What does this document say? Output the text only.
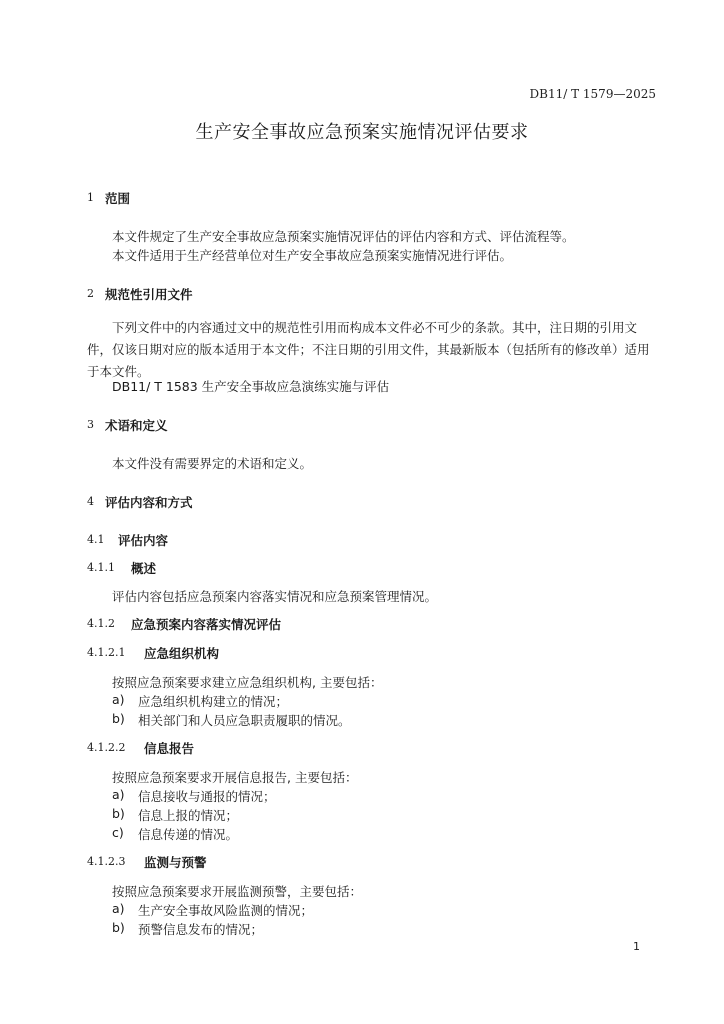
DB11/ T 1579—2025
生产安全事故应急预案实施情况评估要求
1 范围
本文件规定了生产安全事故应急预案实施情况评估的评估内容和方式、评估流程等。
本文件适用于生产经营单位对生产安全事故应急预案实施情况进行评估。
2 规范性引用文件
下列文件中的内容通过文中的规范性引用而构成本文件必不可少的条款。其中，注日期的引用文件，仅该日期对应的版本适用于本文件；不注日期的引用文件，其最新版本（包括所有的修改单）适用于本文件。
DB11/ T 1583 生产安全事故应急演练实施与评估
3 术语和定义
本文件没有需要界定的术语和定义。
4 评估内容和方式
4.1 评估内容
4.1.1 概述
评估内容包括应急预案内容落实情况和应急预案管理情况。
4.1.2 应急预案内容落实情况评估
4.1.2.1 应急组织机构
按照应急预案要求建立应急组织机构, 主要包括：
a) 应急组织机构建立的情况；
b) 相关部门和人员应急职责履职的情况。
4.1.2.2 信息报告
按照应急预案要求开展信息报告, 主要包括：
a) 信息接收与通报的情况；
b) 信息上报的情况；
c) 信息传递的情况。
4.1.2.3 监测与预警
按照应急预案要求开展监测预警，主要包括：
a) 生产安全事故风险监测的情况；
b) 预警信息发布的情况；
1
